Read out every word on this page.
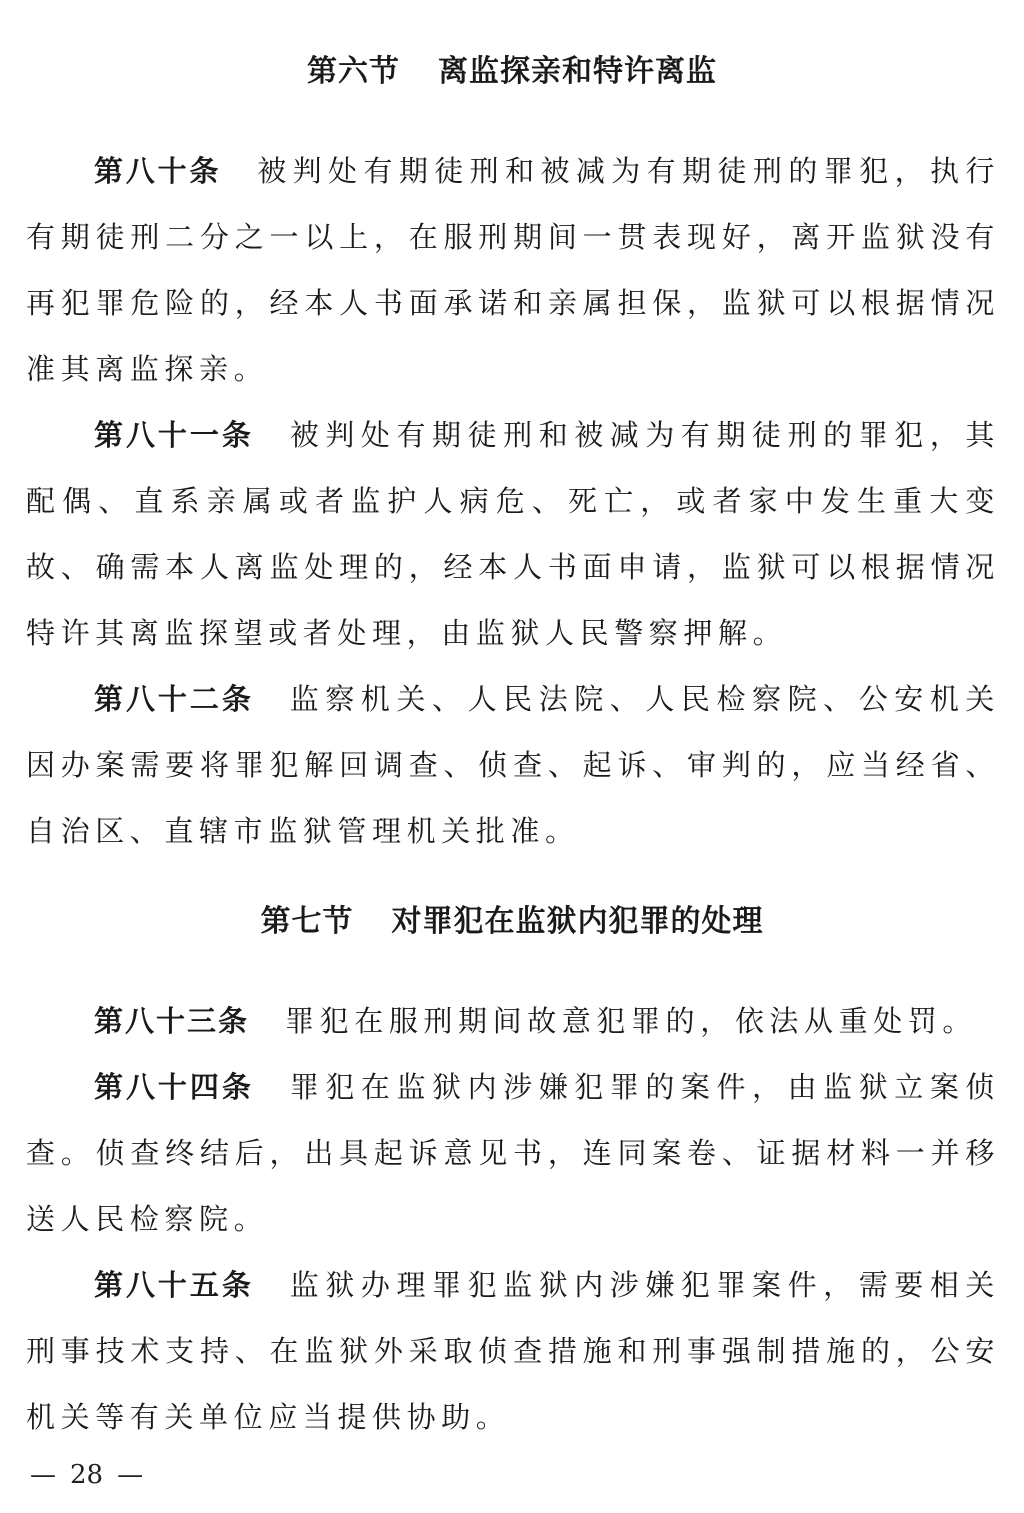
第六节 离监探亲和特许离监

第八十条 被判处有期徒刑和被减为有期徒刑的罪犯，执行有期徒刑二分之一以上，在服刑期间一贯表现好，离开监狱没有再犯罪危险的，经本人书面承诺和亲属担保，监狱可以根据情况准其离监探亲。

第八十一条 被判处有期徒刑和被减为有期徒刑的罪犯，其配偶、直系亲属或者监护人病危、死亡，或者家中发生重大变故、确需本人离监处理的，经本人书面申请，监狱可以根据情况特许其离监探望或者处理，由监狱人民警察押解。

第八十二条 监察机关、人民法院、人民检察院、公安机关因办案需要将罪犯解回调查、侦查、起诉、审判的，应当经省、自治区、直辖市监狱管理机关批准。

第七节 对罪犯在监狱内犯罪的处理

第八十三条 罪犯在服刑期间故意犯罪的，依法从重处罚。

第八十四条 罪犯在监狱内涉嫌犯罪的案件，由监狱立案侦查。侦查终结后，出具起诉意见书，连同案卷、证据材料一并移送人民检察院。

第八十五条 监狱办理罪犯监狱内涉嫌犯罪案件，需要相关刑事技术支持、在监狱外采取侦查措施和刑事强制措施的，公安机关等有关单位应当提供协助。

— 28 —
